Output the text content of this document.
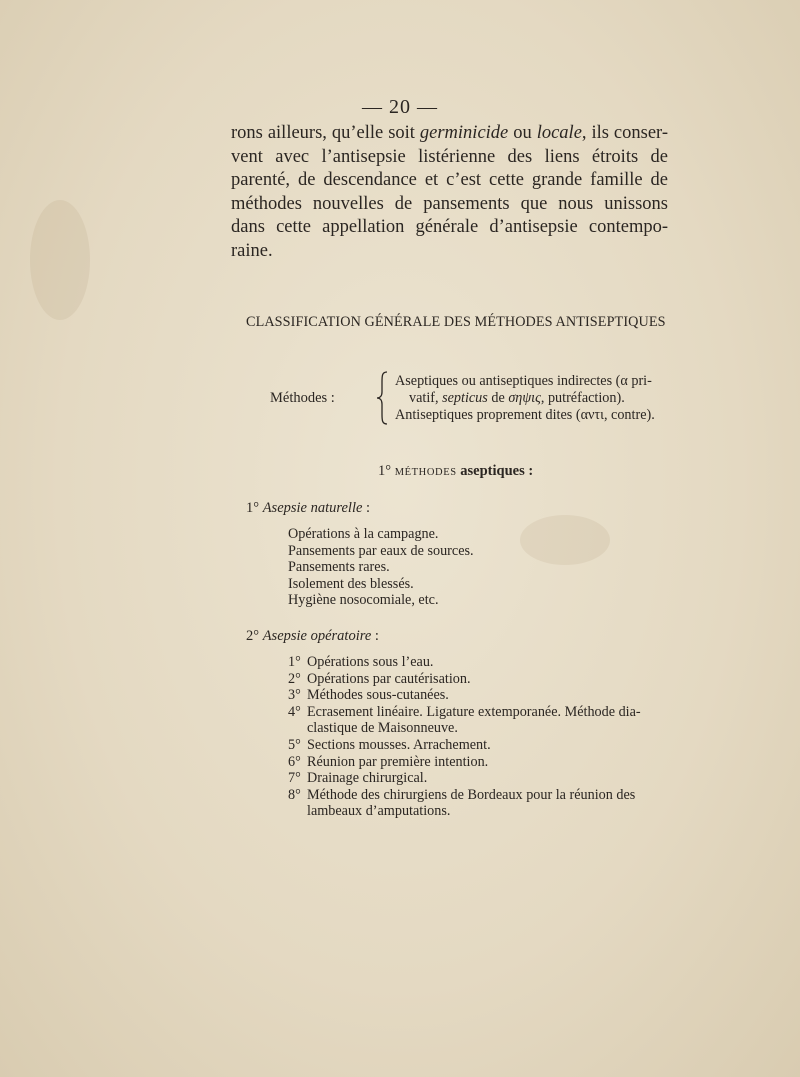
— 20 —
rons ailleurs, qu’elle soit germinicide ou locale, ils conser-
vent avec l’antisepsie listérienne des liens étroits de
parenté, de descendance et c’est cette grande famille de
méthodes nouvelles de pansements que nous unissons
dans cette appellation générale d’antisepsie contempo-
raine.
CLASSIFICATION GÉNÉRALE DES MÉTHODES ANTISEPTIQUES
Méthodes :
Aseptiques ou antiseptiques indirectes (α pri-
vatif, septicus de σηψις, putréfaction).
Antiseptiques proprement dites (αντι, contre).
1° MÉTHODES aseptiques :
1° Asepsie naturelle :
Opérations à la campagne.
Pansements par eaux de sources.
Pansements rares.
Isolement des blessés.
Hygiène nosocomiale, etc.
2° Asepsie opératoire :
1° Opérations sous l’eau.
2° Opérations par cautérisation.
3° Méthodes sous-cutanées.
4° Ecrasement linéaire. Ligature extemporanée. Méthode dia-clastique de Maisonneuve.
5° Sections mousses. Arrachement.
6° Réunion par première intention.
7° Drainage chirurgical.
8° Méthode des chirurgiens de Bordeaux pour la réunion des lambeaux d’amputations.
